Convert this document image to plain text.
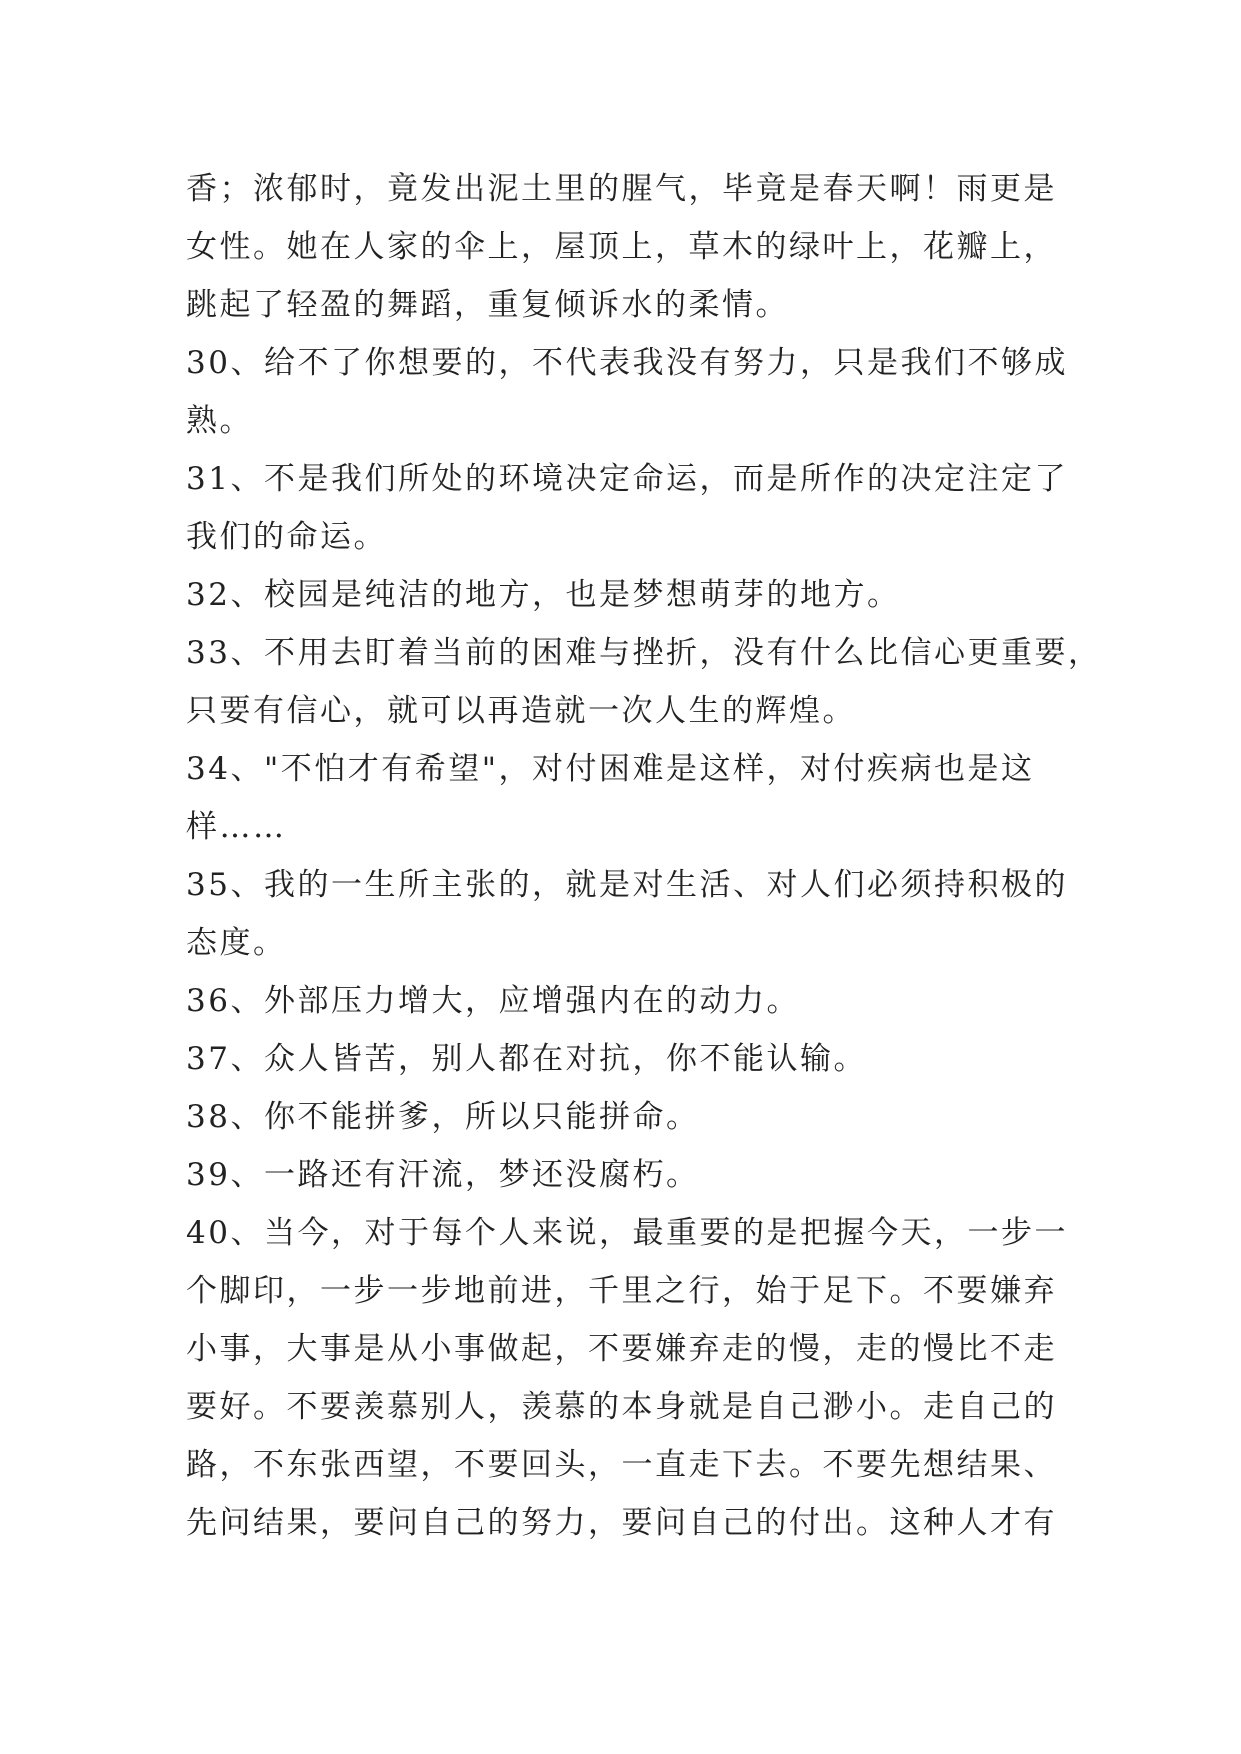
香；浓郁时，竟发出泥土里的腥气，毕竟是春天啊！雨更是
女性。她在人家的伞上，屋顶上，草木的绿叶上，花瓣上，
跳起了轻盈的舞蹈，重复倾诉水的柔情。
30、给不了你想要的，不代表我没有努力，只是我们不够成
熟。
31、不是我们所处的环境决定命运，而是所作的决定注定了
我们的命运。
32、校园是纯洁的地方，也是梦想萌芽的地方。
33、不用去盯着当前的困难与挫折，没有什么比信心更重要，
只要有信心，就可以再造就一次人生的辉煌。
34、"不怕才有希望"，对付困难是这样，对付疾病也是这
样……
35、我的一生所主张的，就是对生活、对人们必须持积极的
态度。
36、外部压力增大，应增强内在的动力。
37、众人皆苦，别人都在对抗，你不能认输。
38、你不能拼爹，所以只能拼命。
39、一路还有汗流，梦还没腐朽。
40、当今，对于每个人来说，最重要的是把握今天，一步一
个脚印，一步一步地前进，千里之行，始于足下。不要嫌弃
小事，大事是从小事做起，不要嫌弃走的慢，走的慢比不走
要好。不要羡慕别人，羡慕的本身就是自己渺小。走自己的
路，不东张西望，不要回头，一直走下去。不要先想结果、
先问结果，要问自己的努力，要问自己的付出。这种人才有
